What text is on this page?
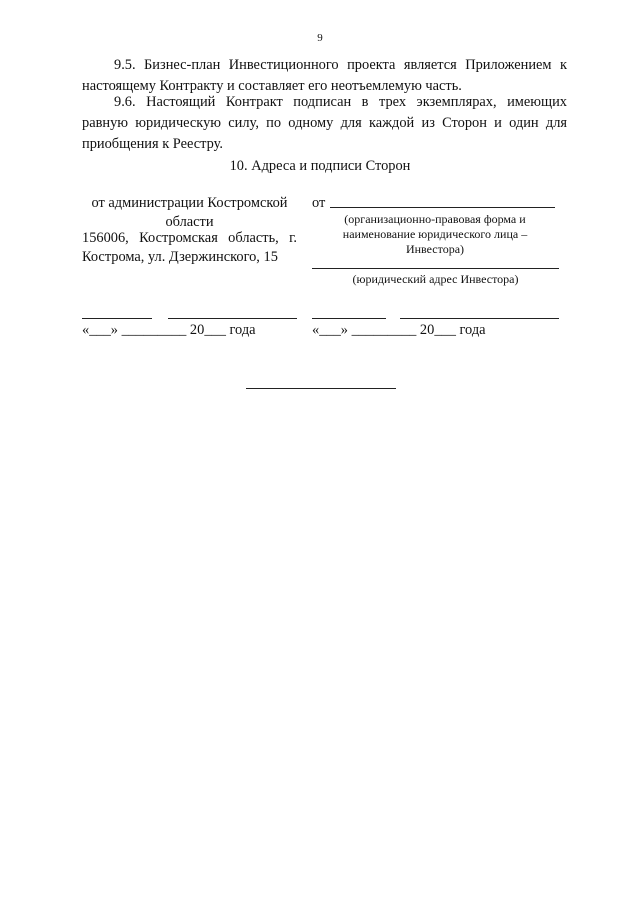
9
9.5. Бизнес-план Инвестиционного проекта является Приложением к настоящему Контракту и составляет его неотъемлемую часть.
9.6. Настоящий Контракт подписан в трех экземплярах, имеющих равную юридическую силу, по одному для каждой из Сторон и один для приобщения к Реестру.
10. Адреса и подписи Сторон
от администрации Костромской области
156006, Костромская область, г. Кострома, ул. Дзержинского, 15
от
(организационно-правовая форма и наименование юридического лица – Инвестора)
(юридический адрес Инвестора)
«___» _________ 20___ года	«___» _________ 20___ года
